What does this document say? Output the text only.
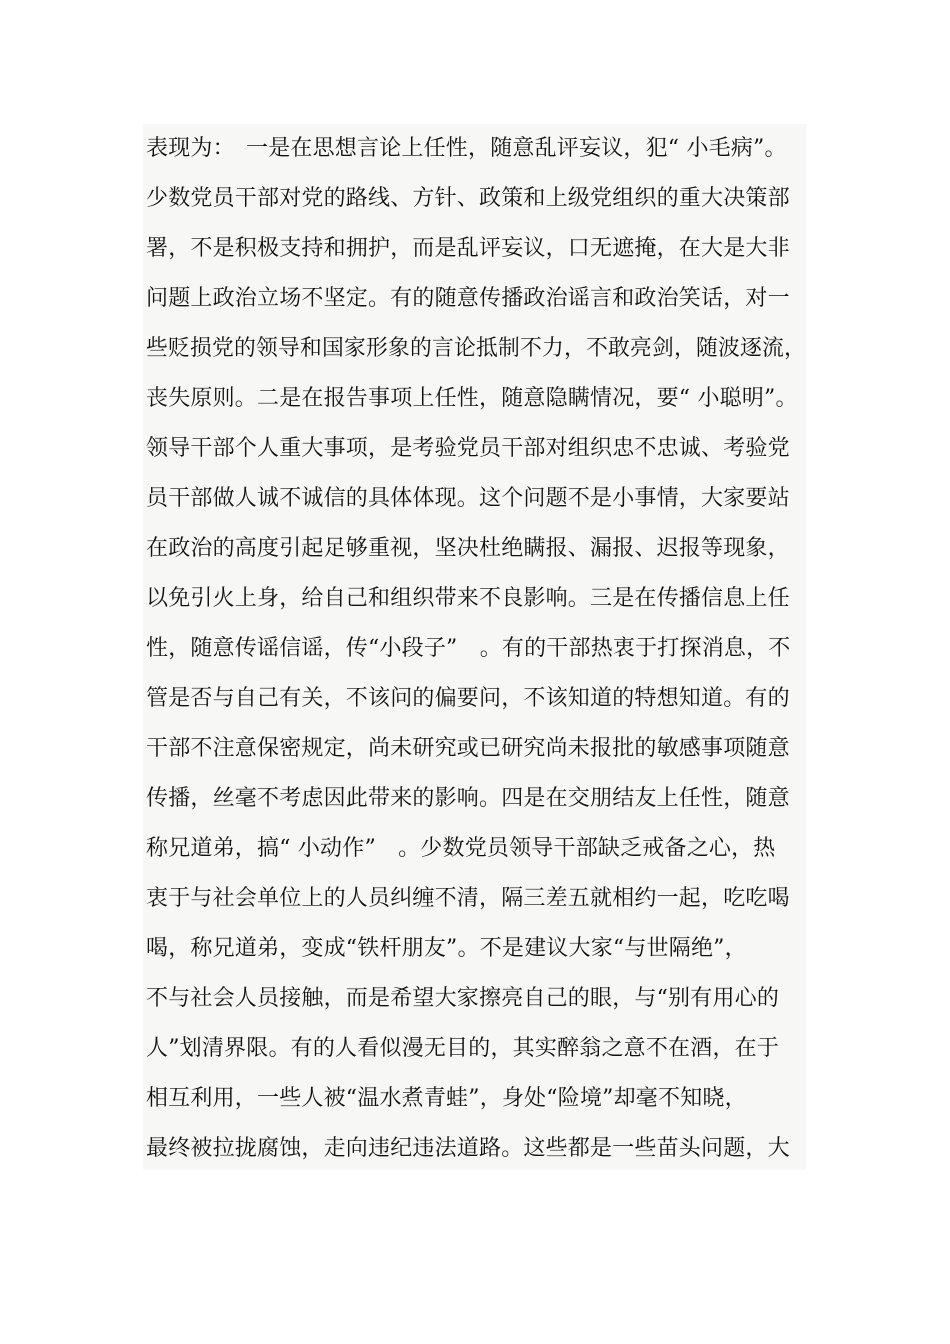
表现为：　一是在思想言论上任性，随意乱评妄议，犯“ 小毛病”。
少数党员干部对党的路线、方针、政策和上级党组织的重大决策部
署，不是积极支持和拥护，而是乱评妄议，口无遮掩，在大是大非
问题上政治立场不坚定。有的随意传播政治谣言和政治笑话，对一
些贬损党的领导和国家形象的言论抵制不力，不敢亮剑，随波逐流，
丧失原则。二是在报告事项上任性，随意隐瞒情况，要“ 小聪明”。
领导干部个人重大事项，是考验党员干部对组织忠不忠诚、考验党
员干部做人诚不诚信的具体体现。这个问题不是小事情，大家要站
在政治的高度引起足够重视，坚决杜绝瞒报、漏报、迟报等现象，
以免引火上身，给自己和组织带来不良影响。三是在传播信息上任
性，随意传谣信谣，传“小段子”　。有的干部热衷于打探消息，不
管是否与自己有关，不该问的偏要问，不该知道的特想知道。有的
干部不注意保密规定，尚未研究或已研究尚未报批的敏感事项随意
传播，丝毫不考虑因此带来的影响。四是在交朋结友上任性，随意
称兄道弟，搞“ 小动作”　。少数党员领导干部缺乏戒备之心，热
衷于与社会单位上的人员纠缠不清，隔三差五就相约一起，吃吃喝
喝，称兄道弟，变成“铁杆朋友”。不是建议大家“与世隔绝”，
不与社会人员接触，而是希望大家擦亮自己的眼，与“别有用心的
人”划清界限。有的人看似漫无目的，其实醉翁之意不在酒，在于
相互利用，一些人被“温水煮青蛙”，身处“险境”却毫不知晓，
最终被拉拢腐蚀，走向违纪违法道路。这些都是一些苗头问题，大
